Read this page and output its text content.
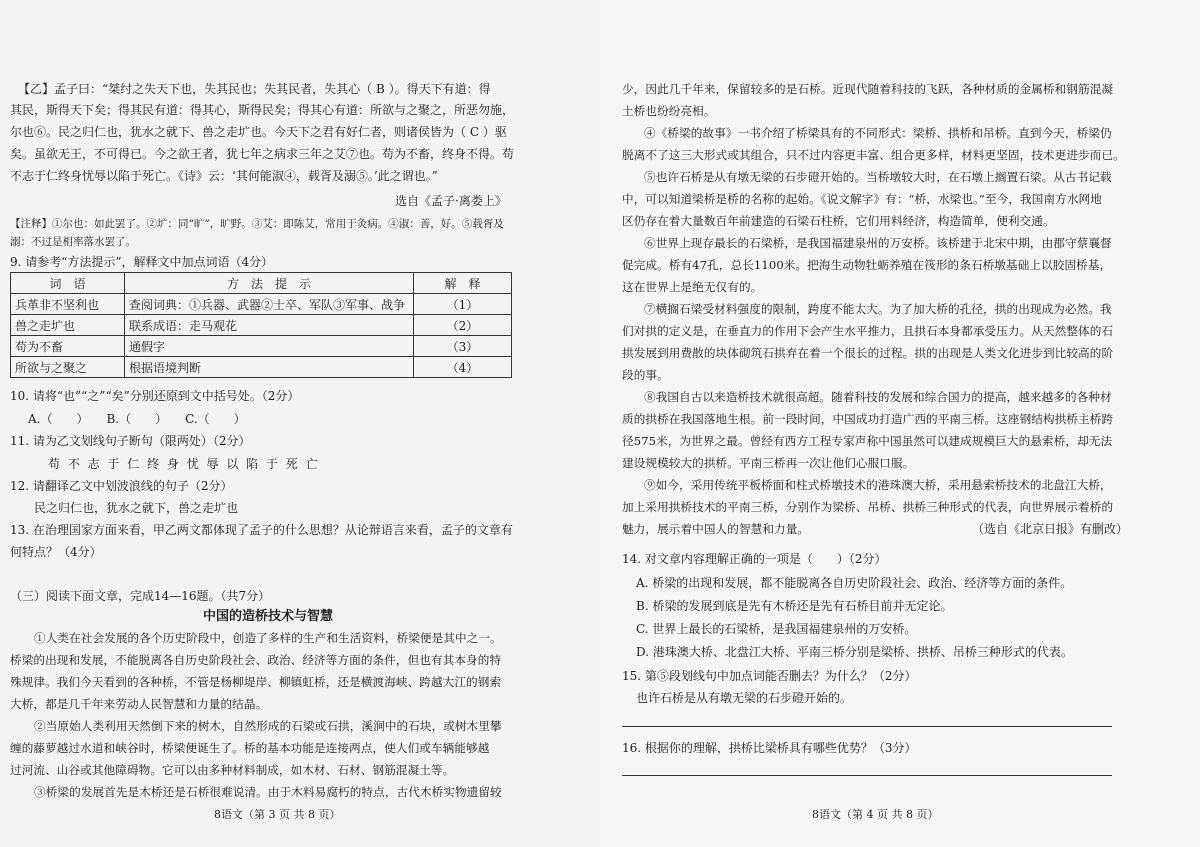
【乙】孟子曰：“桀纣之失天下也，失其民也；失其民者，失其心（ B ）。得天下有道：得
其民，斯得天下矣；得其民有道：得其心，斯得民矣；得其心有道：所欲与之聚之，所恶勿施，
尔也⑥。民之归仁也，犹水之就下、兽之走圹也。今天下之君有好仁者，则诸侯皆为（ C ）驱
矣。虽欲无王，不可得已。今之欲王者，犹七年之病求三年之艾⑦也。苟为不畜，终身不得。苟
不志于仁终身忧辱以陷于死亡。《诗》云：‘其何能淑④，载胥及溺⑤。’此之谓也。”
选自《孟子·离娄上》
【注释】①尔也：如此罢了。②圹：同“旷”，旷野。③艾：即陈艾，常用于灸病。④淑：善，好。⑤载胥及
溺：不过是相率落水罢了。
9. 请参考“方法提示”，解释文中加点词语（4分）
词　语	方　法　提　示	解　释
兵革非不坚利也	查阅词典：①兵器、武器②士卒、军队③军事、战争	（1）
兽之走圹也	联系成语：走马观花	（2）
苟为不畜	通假字	（3）
所欲与之聚之	根据语境判断	（4）
10. 请将“也”“之”“矣”分别还原到文中括号处。（2分）
A.（　　）　　B.（　　）　　C.（　　）
11. 请为乙文划线句子断句（限两处）（2分）
苟 不 志 于 仁 终 身 忧 辱 以 陷 于 死 亡
12. 请翻译乙文中划波浪线的句子（2分）
民之归仁也，犹水之就下，兽之走圹也
13. 在治理国家方面来看，甲乙两文都体现了孟子的什么思想？从论辩语言来看，孟子的文章有
何特点？（4分）
（三）阅读下面文章，完成14—16题。（共7分）
中国的造桥技术与智慧
①人类在社会发展的各个历史阶段中，创造了多样的生产和生活资料，桥梁便是其中之一。
桥梁的出现和发展，不能脱离各自历史阶段社会、政治、经济等方面的条件，但也有其本身的特
殊规律。我们今天看到的各种桥，不管是杨柳堤岸、柳镇虹桥，还是横渡海峡、跨越大江的钢索
大桥，都是几千年来劳动人民智慧和力量的结晶。
②当原始人类利用天然倒下来的树木，自然形成的石梁或石拱，溪涧中的石块，或树木里攀
缠的藤萝越过水道和峡谷时，桥梁便诞生了。桥的基本功能是连接两点，使人们或车辆能够越
过河流、山谷或其他障碍物。它可以由多种材料制成，如木材、石材、钢筋混凝土等。
③桥梁的发展首先是木桥还是石桥很难说清。由于木料易腐朽的特点，古代木桥实物遗留较
8语文（第 3 页 共 8 页）
少，因此几千年来，保留较多的是石桥。近现代随着科技的飞跃，各种材质的金属桥和钢筋混凝
土桥也纷纷亮相。
④《桥梁的故事》一书介绍了桥梁具有的不同形式：梁桥、拱桥和吊桥。直到今天，桥梁仍
脱离不了这三大形式或其组合，只不过内容更丰富、组合更多样，材料更坚固，技术更进步而已。
⑤也许石桥是从有墩无梁的石步磴开始的。当桥墩较大时，在石墩上搁置石梁。从古书记载
中，可以知道梁桥是桥的名称的起始。《说文解字》有：“桥，水梁也。”至今，我国南方水网地
区仍存在着大量数百年前建造的石梁石柱桥，它们用料经济，构造简单，便利交通。
⑥世界上现存最长的石梁桥，是我国福建泉州的万安桥。该桥建于北宋中期，由郡守蔡襄督
促完成。桥有47孔，总长1100米。把海生动物牡蛎养殖在筏形的条石桥墩基础上以胶固桥基，
这在世界上是绝无仅有的。
⑦横搁石梁受材料强度的限制，跨度不能太大。为了加大桥的孔径，拱的出现成为必然。我
们对拱的定义是，在垂直力的作用下会产生水平推力，且拱石本身都承受压力。从天然整体的石
拱发展到用费散的块体砌筑石拱弃在着一个很长的过程。拱的出现是人类文化进步到比较高的阶
段的事。
⑧我国自古以来造桥技术就很高超。随着科技的发展和综合国力的提高，越来越多的各种材
质的拱桥在我国落地生根。前一段时间，中国成功打造广西的平南三桥。这座钢结构拱桥主桥跨
径575米，为世界之最。曾经有西方工程专家声称中国虽然可以建成规模巨大的悬索桥，却无法
建设规模较大的拱桥。平南三桥再一次让他们心服口服。
⑨如今，采用传统平板桥面和柱式桥墩技术的港珠澳大桥，采用悬索桥技术的北盘江大桥，
加上采用拱桥技术的平南三桥，分别作为梁桥、吊桥、拱桥三种形式的代表，向世界展示着桥的
魅力，展示着中国人的智慧和力量。	（选自《北京日报》有删改）
14. 对文章内容理解正确的一项是（　　）（2分）
A. 桥梁的出现和发展，都不能脱离各自历史阶段社会、政治、经济等方面的条件。
B. 桥梁的发展到底是先有木桥还是先有石桥目前并无定论。
C. 世界上最长的石梁桥，是我国福建泉州的万安桥。
D. 港珠澳大桥、北盘江大桥、平南三桥分别是梁桥、拱桥、吊桥三种形式的代表。
15. 第⑤段划线句中加点词能否删去？为什么？（2分）
也许石桥是从有墩无梁的石步磴开始的。
16. 根据你的理解，拱桥比梁桥具有哪些优势？（3分）
8语文（第 4 页 共 8 页）
